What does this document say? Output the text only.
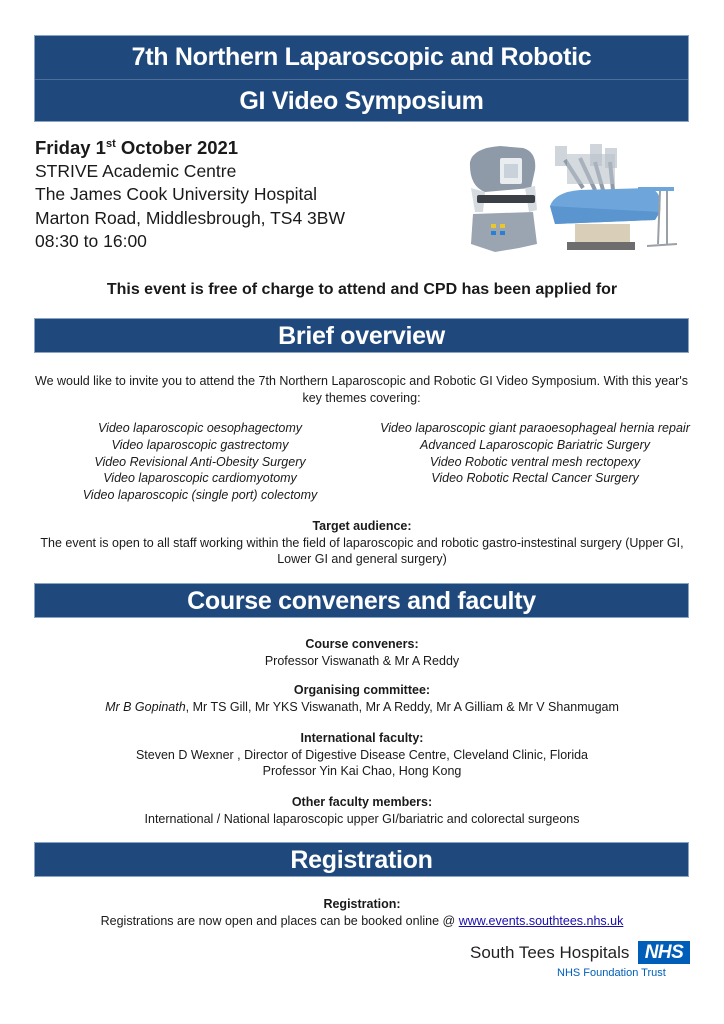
7th Northern Laparoscopic and Robotic
GI Video Symposium
Friday 1st October 2021
STRIVE Academic Centre
The James Cook University Hospital
Marton Road, Middlesbrough, TS4 3BW
08:30 to 16:00
This event is free of charge to attend and CPD has been applied for
Brief overview
We would like to invite you to attend the 7th Northern Laparoscopic and Robotic GI Video Symposium. With this year's
key themes covering:
Video laparoscopic oesophagectomy
Video laparoscopic gastrectomy
Video Revisional Anti-Obesity Surgery
Video laparoscopic cardiomyotomy
Video laparoscopic (single port) colectomy
Video laparoscopic giant paraoesophageal hernia repair
Advanced Laparoscopic Bariatric Surgery
Video Robotic ventral mesh rectopexy
Video Robotic Rectal Cancer Surgery
Target audience:
The event is open to all staff working within the field of laparoscopic and robotic gastro-instestinal surgery (Upper GI,
Lower GI and general surgery)
Course conveners and faculty
Course conveners:
Professor Viswanath & Mr A Reddy
Organising committee:
Mr B Gopinath, Mr TS Gill, Mr YKS Viswanath, Mr A Reddy, Mr A Gilliam & Mr V Shanmugam
International faculty:
Steven D Wexner , Director of Digestive Disease Centre, Cleveland Clinic, Florida
Professor Yin Kai Chao, Hong Kong
Other faculty members:
International / National laparoscopic upper GI/bariatric and colorectal surgeons
Registration
Registration:
Registrations are now open and places can be booked online @ www.events.southtees.nhs.uk
South Tees Hospitals NHS
NHS Foundation Trust
